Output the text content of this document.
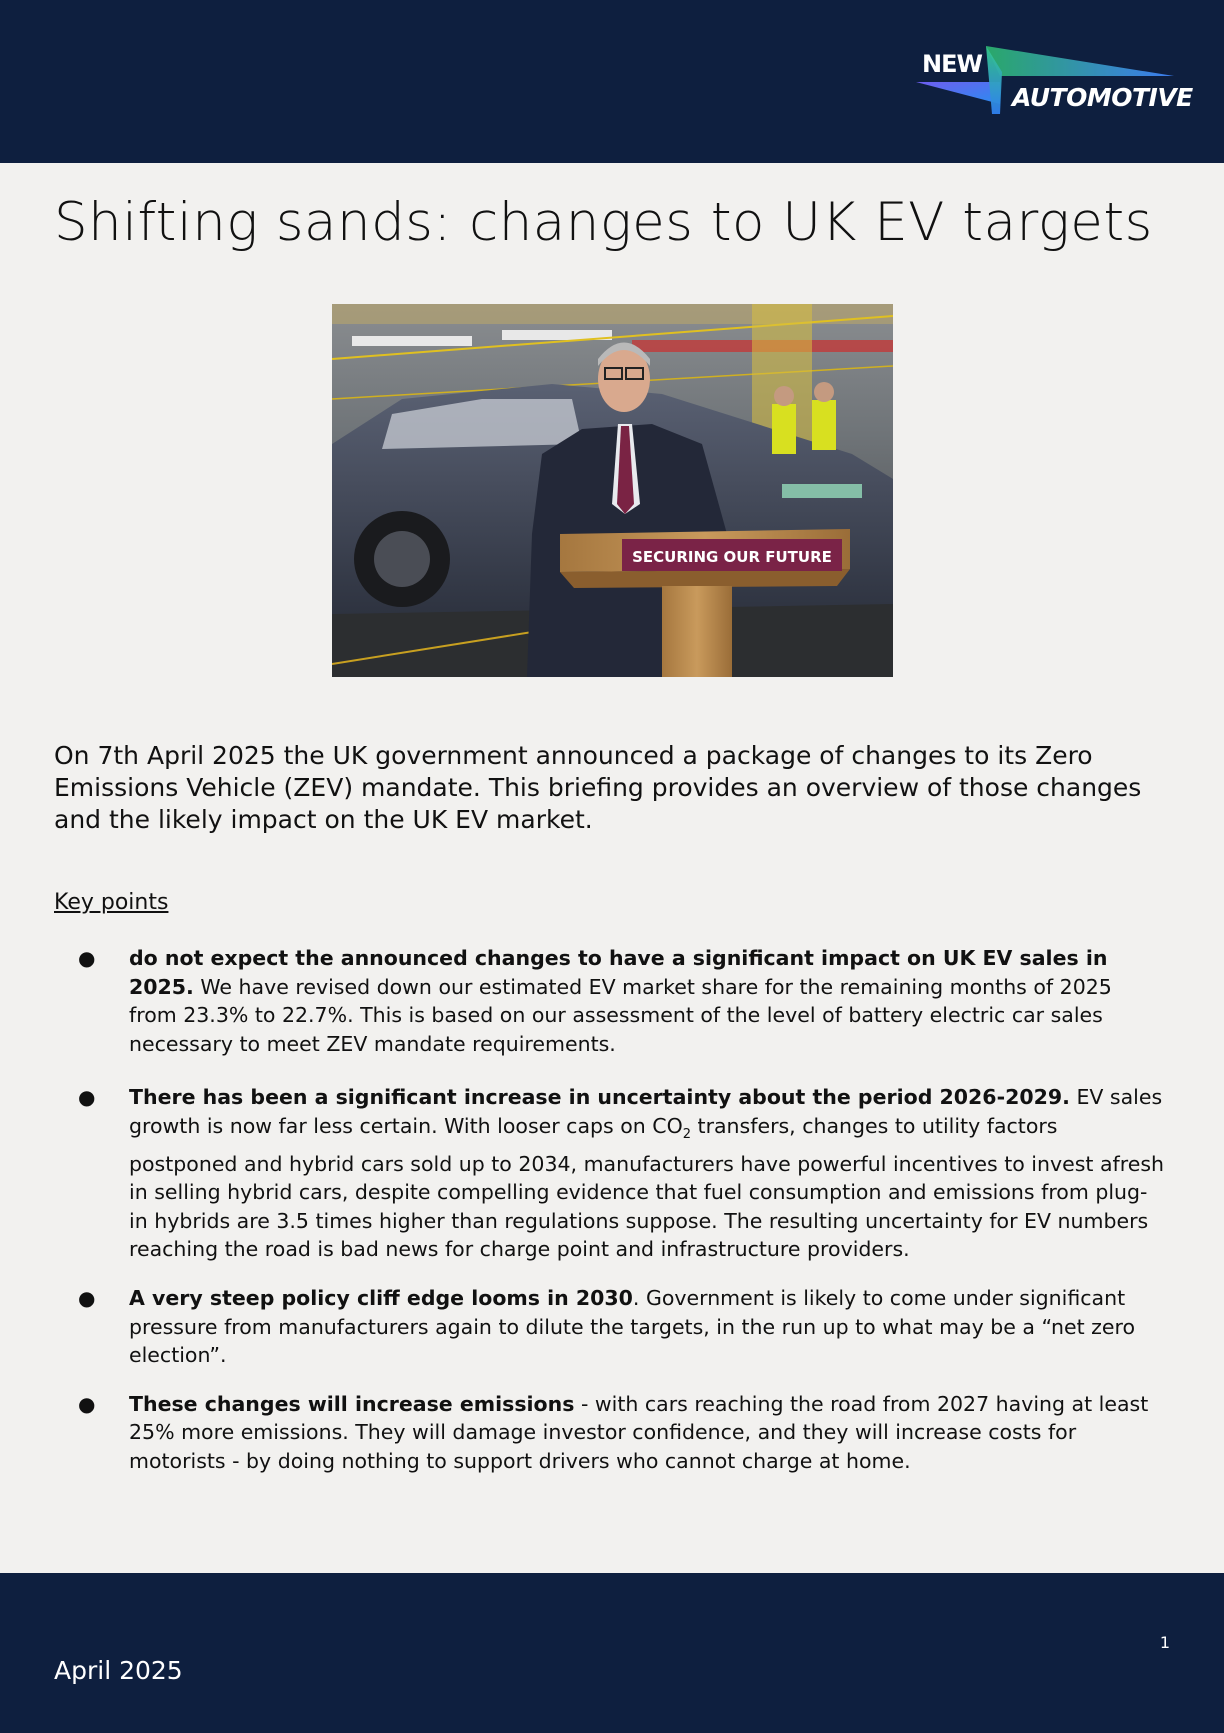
NEW
AUTOMOTIVE
Shifting sands: changes to UK EV targets
SECURING OUR FUTURE

On 7th April 2025 the UK government announced a package of changes to its Zero Emissions Vehicle (ZEV) mandate. This briefing provides an overview of those changes and the likely impact on the UK EV market.

Key points

● do not expect the announced changes to have a significant impact on UK EV sales in 2025. We have revised down our estimated EV market share for the remaining months of 2025 from 23.3% to 22.7%. This is based on our assessment of the level of battery electric car sales necessary to meet ZEV mandate requirements.
● There has been a significant increase in uncertainty about the period 2026-2029. EV sales growth is now far less certain. With looser caps on $CO_2$ transfers, changes to utility factors postponed and hybrid cars sold up to 2034, manufacturers have powerful incentives to invest afresh in selling hybrid cars, despite compelling evidence that fuel consumption and emissions from plug-in hybrids are 3.5 times higher than regulations suppose. The resulting uncertainty for EV numbers reaching the road is bad news for charge point and infrastructure providers.
● A very steep policy cliff edge looms in 2030. Government is likely to come under significant pressure from manufacturers again to dilute the targets, in the run up to what may be a “net zero election”.
● These changes will increase emissions - with cars reaching the road from 2027 having at least 25% more emissions. They will damage investor confidence, and they will increase costs for motorists - by doing nothing to support drivers who cannot charge at home.
April 2025
1
